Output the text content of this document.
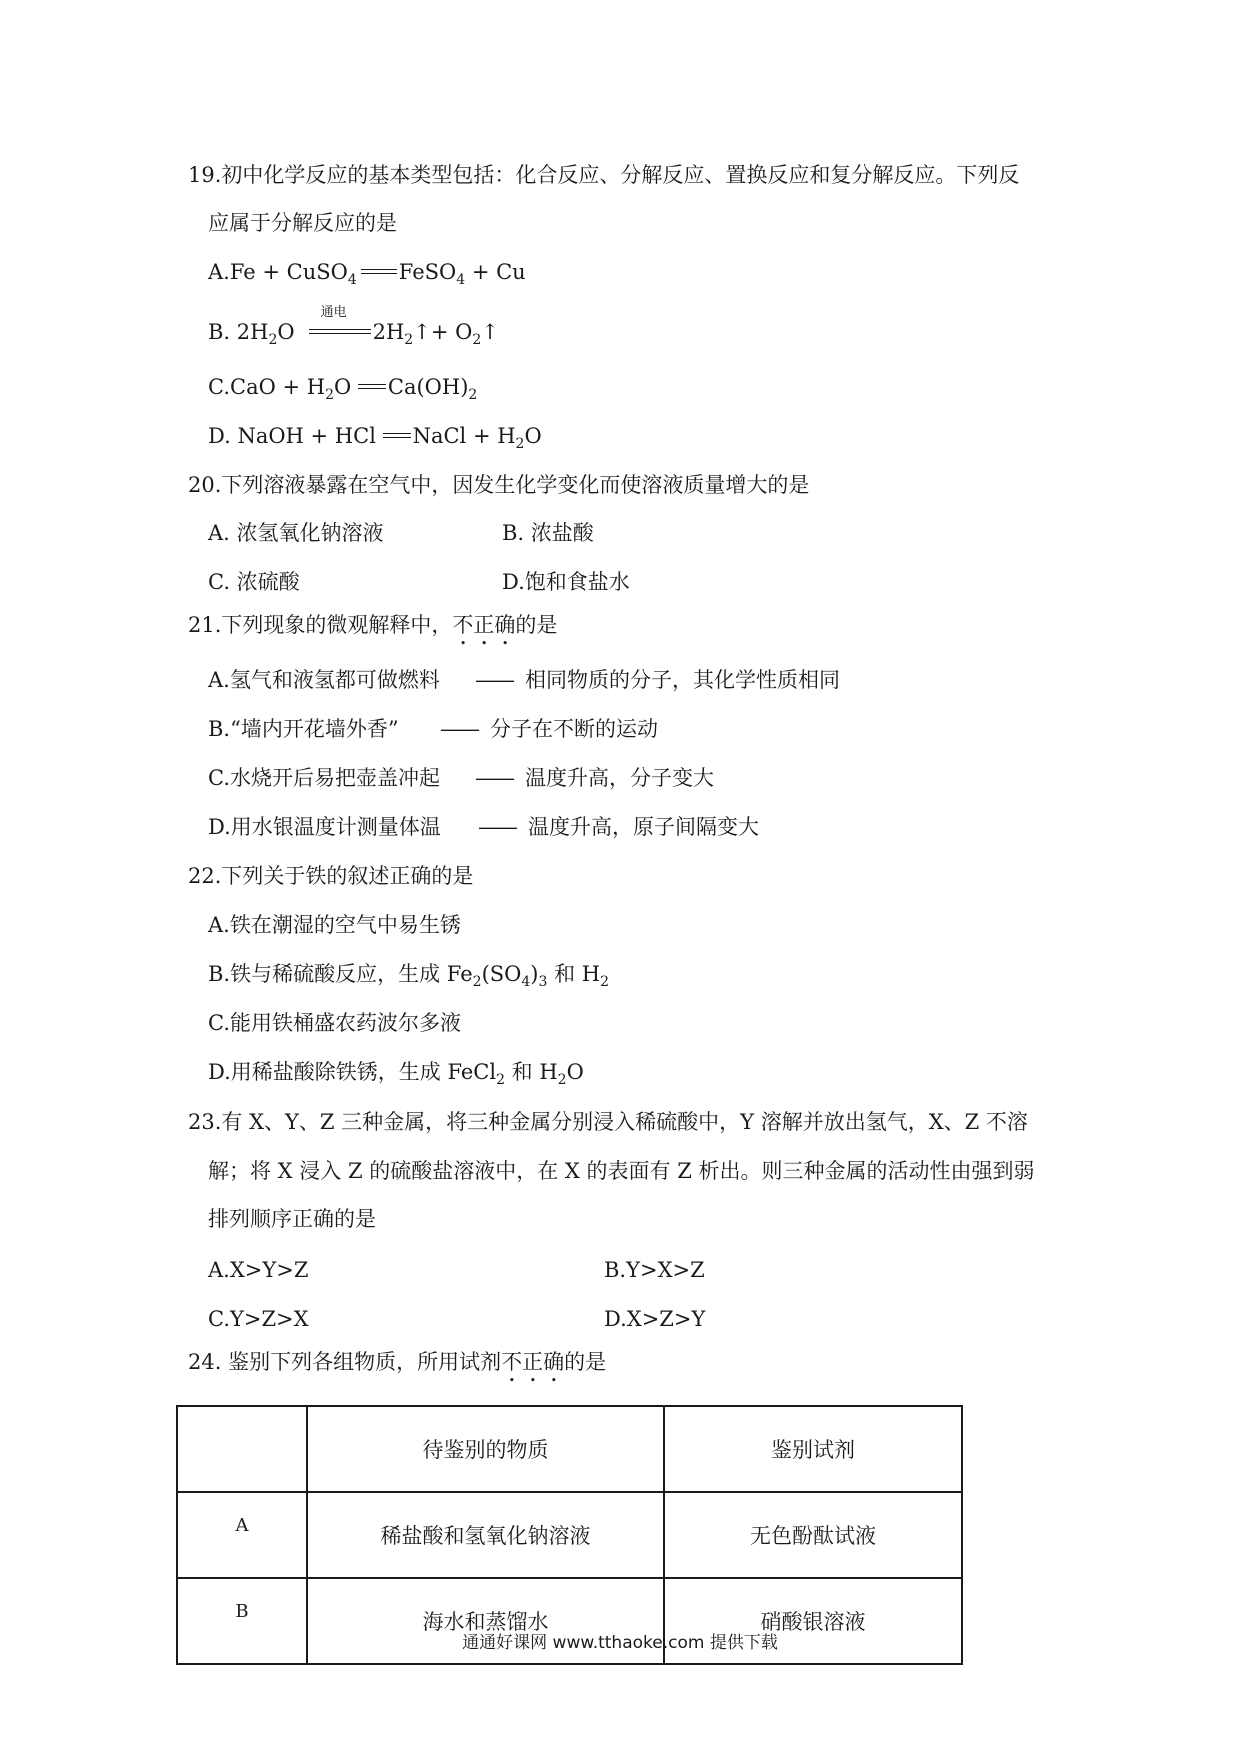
19.初中化学反应的基本类型包括：化合反应、分解反应、置换反应和复分解反应。下列反
应属于分解反应的是
A.Fe + CuSO$_4$ FeSO$_4$ + Cu
B. $2H_2O$
通电
$2H_2↑+$ $O_2↑$
$C.CaO + H_2O$ $Ca(OH)_2$
D. NaOH + HCl NaCl + $H_2O$
20.下列溶液暴露在空气中，因发生化学变化而使溶液质量增大的是
A. 浓氢氧化钠溶液	B. 浓盐酸
C. 浓硫酸	D.饱和食盐水
21.下列现象的微观解释中，不正确的是
A.氢气和液氢都可做燃料 —— 相同物质的分子，其化学性质相同
B.“墙内开花墙外香” —— 分子在不断的运动
C.水烧开后易把壶盖冲起 —— 温度升高，分子变大
D.用水银温度计测量体温 —— 温度升高，原子间隔变大
22.下列关于铁的叙述正确的是
A.铁在潮湿的空气中易生锈
B.铁与稀硫酸反应，生成 $Fe_2(SO_4)_3$ 和 $H_2$
C.能用铁桶盛农药波尔多液
D.用稀盐酸除铁锈，生成 FeCl$_2$ 和 $H_2O$
23.有 X、Y、Z 三种金属，将三种金属分别浸入稀硫酸中，Y 溶解并放出氢气，X、Z 不溶
解；将 X 浸入 Z 的硫酸盐溶液中，在 X 的表面有 Z 析出。则三种金属的活动性由强到弱
排列顺序正确的是
A.X>Y>Z	B.Y>X>Z
C.Y>Z>X	D.X>Z>Y
24. 鉴别下列各组物质，所用试剂不正确的是
	待鉴别的物质	鉴别试剂
A	稀盐酸和氢氧化钠溶液	无色酚酞试液
B	海水和蒸馏水	硝酸银溶液
通通好课网 www.tthaoke.com 提供下载
